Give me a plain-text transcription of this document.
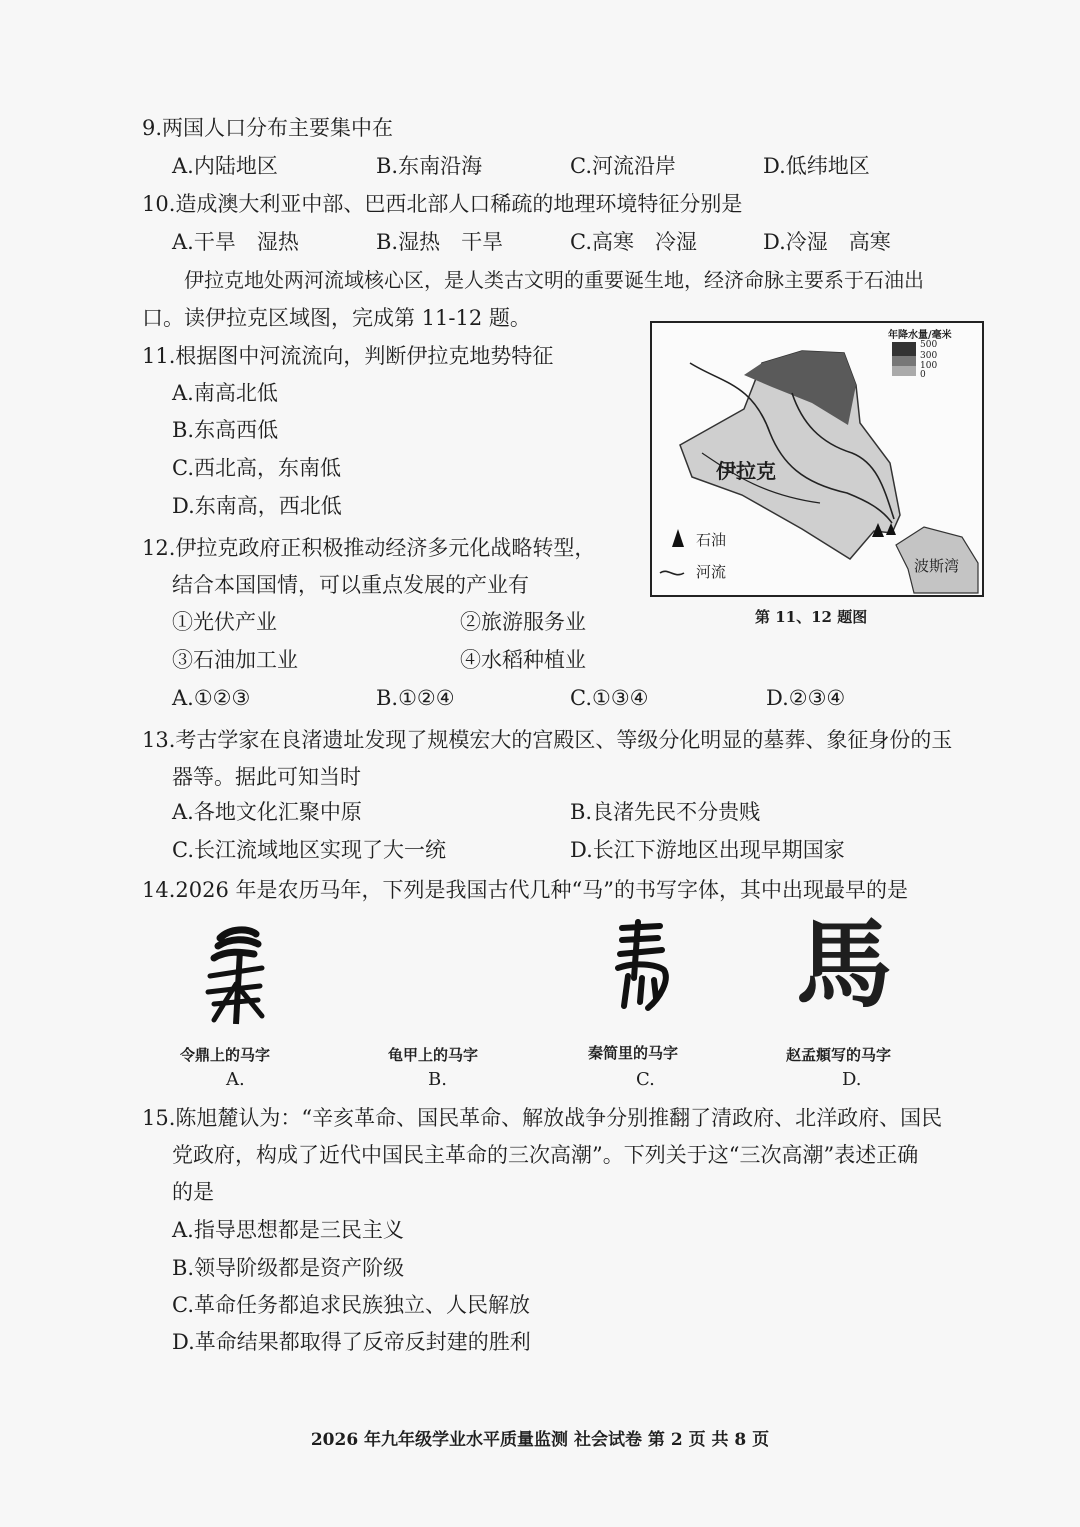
9.两国人口分布主要集中在
A.内陆地区	B.东南沿海	C.河流沿岸	D.低纬地区
10.造成澳大利亚中部、巴西北部人口稀疏的地理环境特征分别是
A.干旱　湿热	B.湿热　干旱	C.高寒　冷湿	D.冷湿　高寒
伊拉克地处两河流域核心区，是人类古文明的重要诞生地，经济命脉主要系于石油出
口。读伊拉克区域图，完成第 11-12 题。
11.根据图中河流流向，判断伊拉克地势特征
A.南高北低
B.东高西低
C.西北高，东南低
D.东南高，西北低
年降水量/毫米
500
300
100
0
伊拉克
波斯湾
石油
河流
第 11、12 题图
12.伊拉克政府正积极推动经济多元化战略转型，
结合本国国情，可以重点发展的产业有
①光伏产业	②旅游服务业
③石油加工业	④水稻种植业
A.①②③	B.①②④	C.①③④	D.②③④
13.考古学家在良渚遗址发现了规模宏大的宫殿区、等级分化明显的墓葬、象征身份的玉
器等。据此可知当时
A.各地文化汇聚中原	B.良渚先民不分贵贱
C.长江流域地区实现了大一统	D.长江下游地区出现早期国家
14.2026 年是农历马年，下列是我国古代几种“马”的书写字体，其中出现最早的是
馬
令鼎上的马字	龟甲上的马字	秦简里的马字	赵孟頫写的马字
A.	B.	C.	D.
15.陈旭麓认为：“辛亥革命、国民革命、解放战争分别推翻了清政府、北洋政府、国民
党政府，构成了近代中国民主革命的三次高潮”。下列关于这“三次高潮”表述正确
的是
A.指导思想都是三民主义
B.领导阶级都是资产阶级
C.革命任务都追求民族独立、人民解放
D.革命结果都取得了反帝反封建的胜利
2026 年九年级学业水平质量监测 社会试卷 第 2 页 共 8 页
